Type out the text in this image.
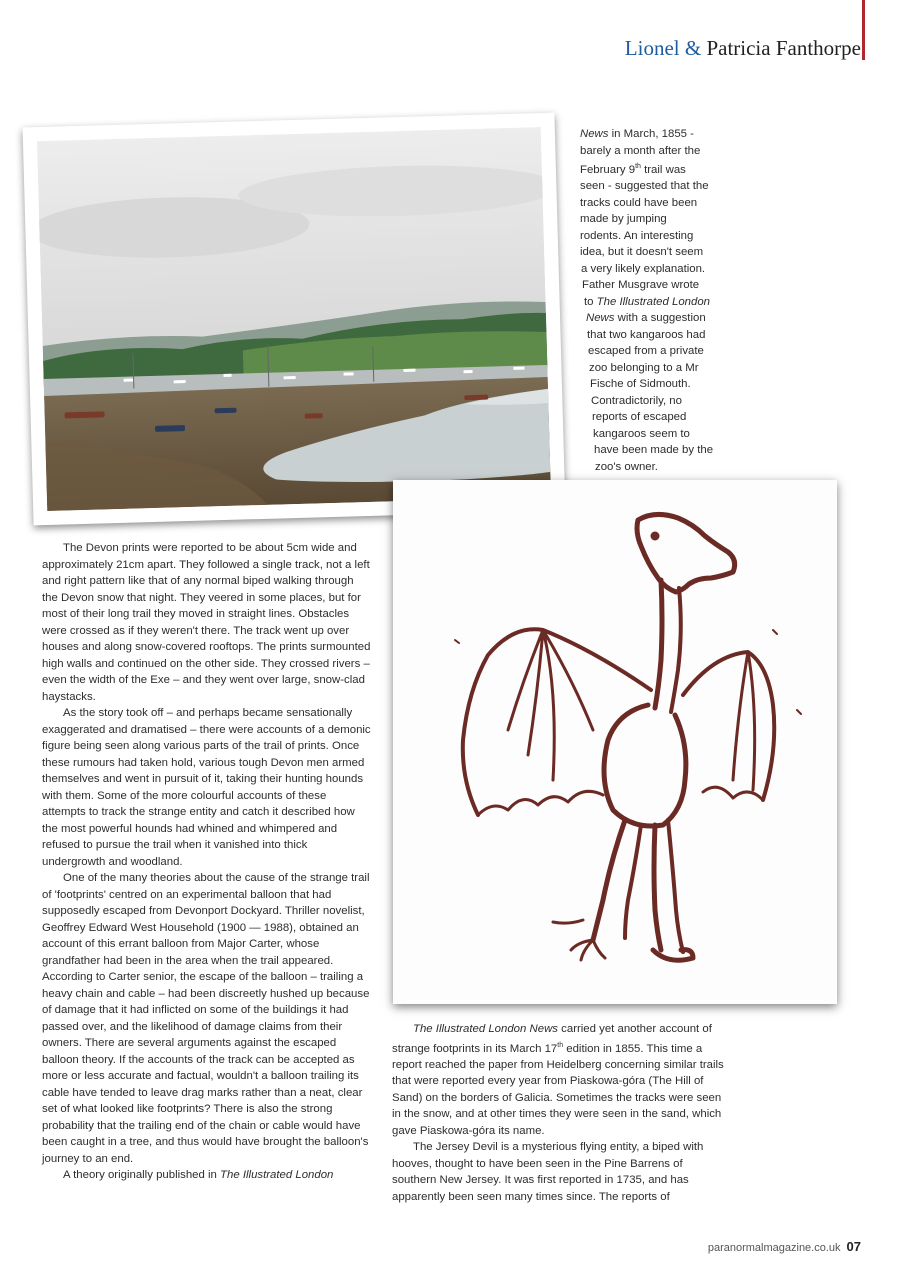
Lionel & Patricia Fanthorpe
News in March, 1855 -
barely a month after the
February 9th trail was
seen - suggested that the
tracks could have been
made by jumping
rodents. An interesting
idea, but it doesn't seem
a very likely explanation.
Father Musgrave wrote
to The Illustrated London
News with a suggestion
that two kangaroos had
escaped from a private
zoo belonging to a Mr
Fische of Sidmouth.
Contradictorily, no
reports of escaped
kangaroos seem to
have been made by the
zoo's owner.

The Devon prints were reported to be about 5cm wide and approximately 21cm apart. They followed a single track, not a left and right pattern like that of any normal biped walking through the Devon snow that night. They veered in some places, but for most of their long trail they moved in straight lines. Obstacles were crossed as if they weren't there. The track went up over houses and along snow-covered rooftops. The prints surmounted high walls and continued on the other side. They crossed rivers – even the width of the Exe – and they went over large, snow-clad haystacks.

As the story took off – and perhaps became sensationally exaggerated and dramatised – there were accounts of a demonic figure being seen along various parts of the trail of prints. Once these rumours had taken hold, various tough Devon men armed themselves and went in pursuit of it, taking their hunting hounds with them. Some of the more colourful accounts of these attempts to track the strange entity and catch it described how the most powerful hounds had whined and whimpered and refused to pursue the trail when it vanished into thick undergrowth and woodland.

One of the many theories about the cause of the strange trail of 'footprints' centred on an experimental balloon that had supposedly escaped from Devonport Dockyard. Thriller novelist, Geoffrey Edward West Household (1900 — 1988), obtained an account of this errant balloon from Major Carter, whose grandfather had been in the area when the trail appeared. According to Carter senior, the escape of the balloon – trailing a heavy chain and cable – had been discreetly hushed up because of damage that it had inflicted on some of the buildings it had passed over, and the likelihood of damage claims from their owners. There are several arguments against the escaped balloon theory. If the accounts of the track can be accepted as more or less accurate and factual, wouldn't a balloon trailing its cable have tended to leave drag marks rather than a neat, clear set of what looked like footprints? There is also the strong probability that the trailing end of the chain or cable would have been caught in a tree, and thus would have brought the balloon's journey to an end.

A theory originally published in The Illustrated London

The Illustrated London News carried yet another account of strange footprints in its March 17th edition in 1855. This time a report reached the paper from Heidelberg concerning similar trails that were reported every year from Piaskowa-góra (The Hill of Sand) on the borders of Galicia. Sometimes the tracks were seen in the snow, and at other times they were seen in the sand, which gave Piaskowa-góra its name.

The Jersey Devil is a mysterious flying entity, a biped with hooves, thought to have been seen in the Pine Barrens of southern New Jersey. It was first reported in 1735, and has apparently been seen many times since. The reports of

paranormalmagazine.co.uk 07
